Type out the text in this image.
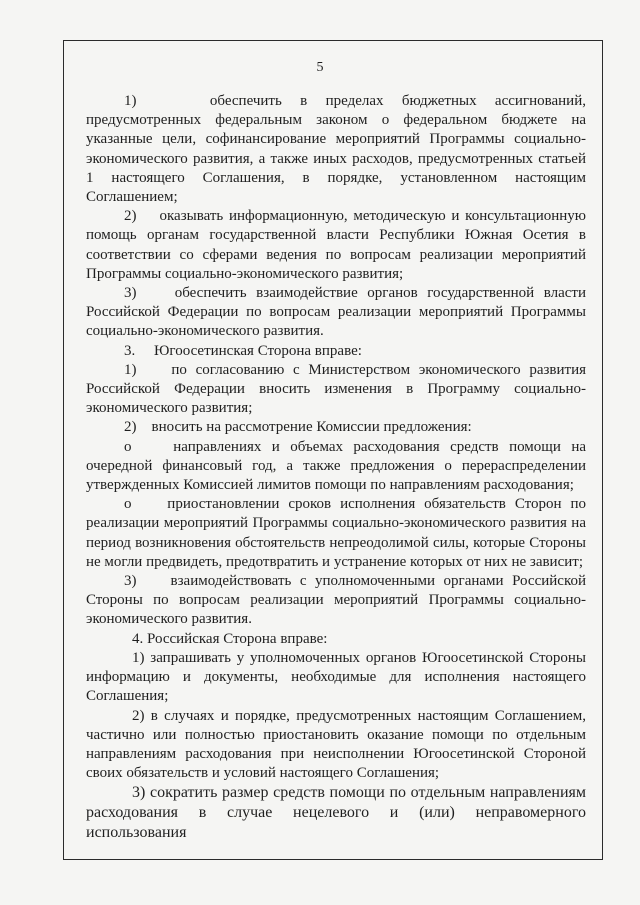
5

1)    обеспечить в пределах бюджетных ассигнований, предусмотренных федеральным законом о федеральном бюджете на указанные цели, софинансирование мероприятий Программы социально-экономического развития, а также иных расходов, предусмотренных статьей 1 настоящего Соглашения, в порядке, установленном настоящим Соглашением;

2)    оказывать информационную, методическую и консультационную помощь органам государственной власти Республики Южная Осетия в соответствии со сферами ведения по вопросам реализации мероприятий Программы социально-экономического развития;

3)    обеспечить взаимодействие органов государственной власти Российской Федерации по вопросам реализации мероприятий Программы социально-экономического развития.

3.     Югоосетинская Сторона вправе:

1)    по согласованию с Министерством экономического развития Российской Федерации вносить изменения в Программу социально-экономического развития;

2)    вносить на рассмотрение Комиссии предложения:

о    направлениях и объемах расходования средств помощи на очередной финансовый год, а также предложения о перераспределении утвержденных Комиссией лимитов помощи по направлениям расходования;

о    приостановлении сроков исполнения обязательств Сторон по реализации мероприятий Программы социально-экономического развития на период возникновения обстоятельств непреодолимой силы, которые Стороны не могли предвидеть, предотвратить и устранение которых от них не зависит;

3)    взаимодействовать с уполномоченными органами Российской Стороны по вопросам реализации мероприятий Программы социально-экономического развития.

4. Российская Сторона вправе:

1) запрашивать у уполномоченных органов Югоосетинской Стороны информацию и документы, необходимые для исполнения настоящего Соглашения;

2) в случаях и порядке, предусмотренных настоящим Соглашением, частично или полностью приостановить оказание помощи по отдельным направлениям расходования при неисполнении Югоосетинской Стороной своих обязательств и условий настоящего Соглашения;

3) сократить размер средств помощи по отдельным направлениям расходования в случае нецелевого и (или) неправомерного использования
